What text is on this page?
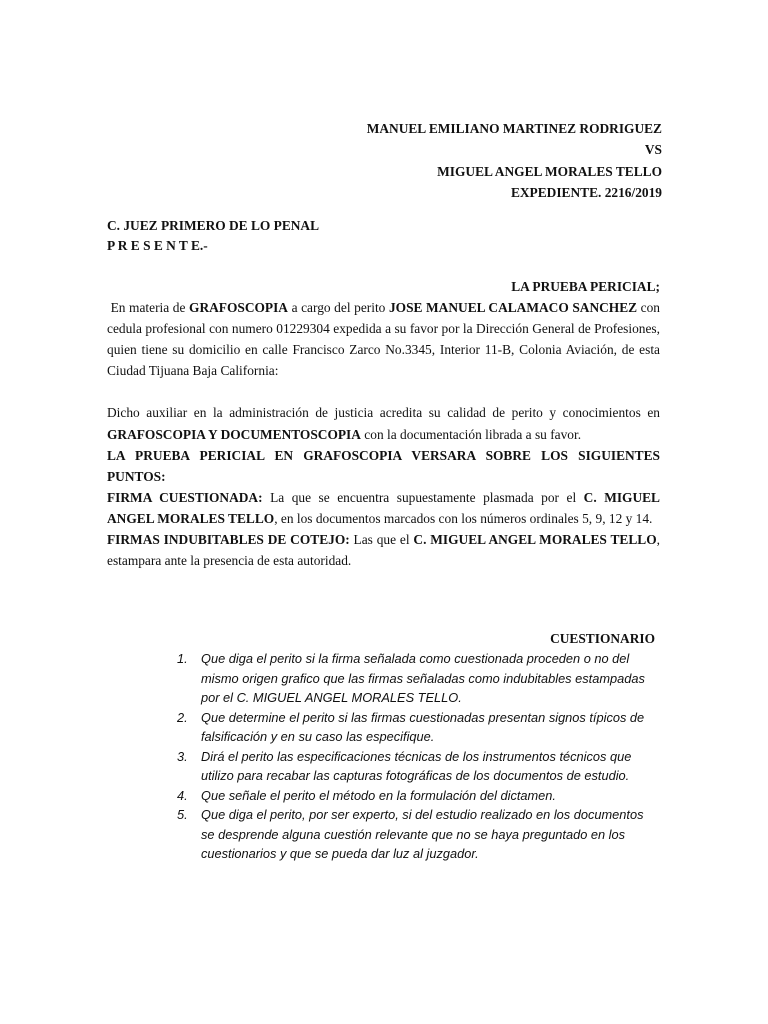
MANUEL EMILIANO MARTINEZ RODRIGUEZ
VS
MIGUEL ANGEL MORALES TELLO
EXPEDIENTE. 2216/2019
C. JUEZ PRIMERO DE LO PENAL
P R E S E N T E.-

LA PRUEBA PERICIAL;

En materia de GRAFOSCOPIA a cargo del perito JOSE MANUEL CALAMACO SANCHEZ con cedula profesional con numero 01229304 expedida a su favor por la Dirección General de Profesiones, quien tiene su domicilio en calle Francisco Zarco No.3345, Interior 11-B, Colonia Aviación, de esta Ciudad Tijuana Baja California:

Dicho auxiliar en la administración de justicia acredita su calidad de perito y conocimientos en GRAFOSCOPIA Y DOCUMENTOSCOPIA con la documentación librada a su favor.

LA PRUEBA PERICIAL EN GRAFOSCOPIA VERSARA SOBRE LOS SIGUIENTES PUNTOS:

FIRMA CUESTIONADA: La que se encuentra supuestamente plasmada por el C. MIGUEL ANGEL MORALES TELLO, en los documentos marcados con los números ordinales 5, 9, 12 y 14.

FIRMAS INDUBITABLES DE COTEJO: Las que el C. MIGUEL ANGEL MORALES TELLO, estampara ante la presencia de esta autoridad.

CUESTIONARIO
1. Que diga el perito si la firma señalada como cuestionada proceden o no del mismo origen grafico que las firmas señaladas como indubitables estampadas por el C. MIGUEL ANGEL MORALES TELLO.
2. Que determine el perito si las firmas cuestionadas presentan signos típicos de falsificación y en su caso las especifique.
3. Dirá el perito las especificaciones técnicas de los instrumentos técnicos que utilizo para recabar las capturas fotográficas de los documentos de estudio.
4. Que señale el perito el método en la formulación del dictamen.
5. Que diga el perito, por ser experto, si del estudio realizado en los documentos se desprende alguna cuestión relevante que no se haya preguntado en los cuestionarios y que se pueda dar luz al juzgador.
